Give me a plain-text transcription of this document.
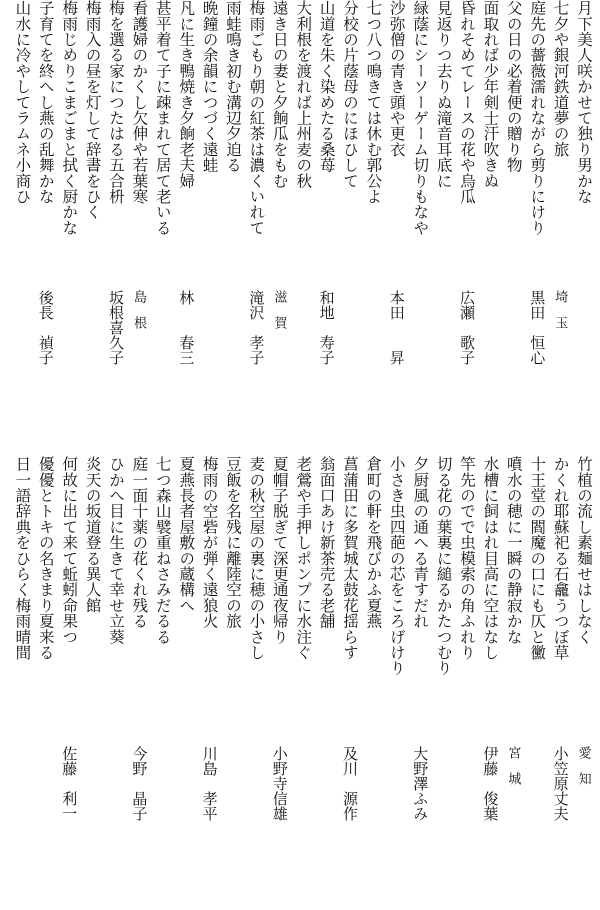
月下美人咲かせて独り男かな
七夕や銀河鉄道夢の旅
庭先の薔薇濡れながら剪りにけり
黒田　恒心 埼　玉
父の日の必着便の贈り物
面取れば少年剣士汗吹きぬ
昏れそめてレースの花や烏瓜
広瀬　歌子
見返りつ去りぬ滝音耳底に
緑蔭にシーソーゲーム切りもなや
沙弥僧の青き頭や更衣
本田　　昇
七つ八つ鳴きては休む郭公よ
分校の片蔭母のにほひして
山道を朱く染めたる桑苺
和地　寿子
大利根を渡れば上州麦の秋
遠き日の妻と夕餉瓜をもむ
梅雨ごもり朝の紅茶は濃くいれて
滝沢　孝子 滋　賀
雨蛙鳴き初む溝辺夕迫る
晩鐘の余韻につづく遠蛙
凡に生き鴨焼き夕餉老夫婦
林　　春三
甚平着て子に疎まれて居て老いる
看護婦のかくし欠伸や若葉寒
梅を選る家につたはる五合枡
坂根喜久子 島　根
梅雨入の昼を灯して辞書をひく
梅雨じめりこまごまと拭く厨かな
子育てを終へし燕の乱舞かな
後長　禎子
山水に冷やしてラムネ小商ひ
竹植の流し素麺せはしなく
かくれ耶蘇祀る石龕うつぼ草
小笠原丈夫 愛　知
十王堂の閻魔の口にも仄と黴
噴水の穂に一瞬の静寂かな
水槽に飼はれ目高に空はなし
伊藤　俊葉 宮　城
竿先のでで虫模索の角ふれり
切る花の葉裏に縋るかたつむり
夕厨風の通へる青すだれ
大野澤ふみ
小さき虫四葩の芯をころげけり
倉町の軒を飛びかふ夏燕
菖蒲田に多賀城太鼓花揺らす
及川　源作
翁面口あけ新茶売る老舗
老鶯や手押しポンプに水注ぐ
夏帽子脱ぎて深更通夜帰り
小野寺信雄
麦の秋空屋の裏に穂の小さし
豆飯を名残に離陸空の旅
梅雨の空砦が弾く遠狼火
川島　孝平
夏燕長者屋敷の蔵構へ
七つ森山襞重ねさみだるる
庭一面十薬の花くれ残る
今野　晶子
ひかへ目に生きて幸せ立葵
炎天の坂道登る異人館
何故に出て来て蚯蚓命果つ
佐藤　利一
優優とトキの名きまり夏来る
日一語辞典をひらく梅雨晴間
